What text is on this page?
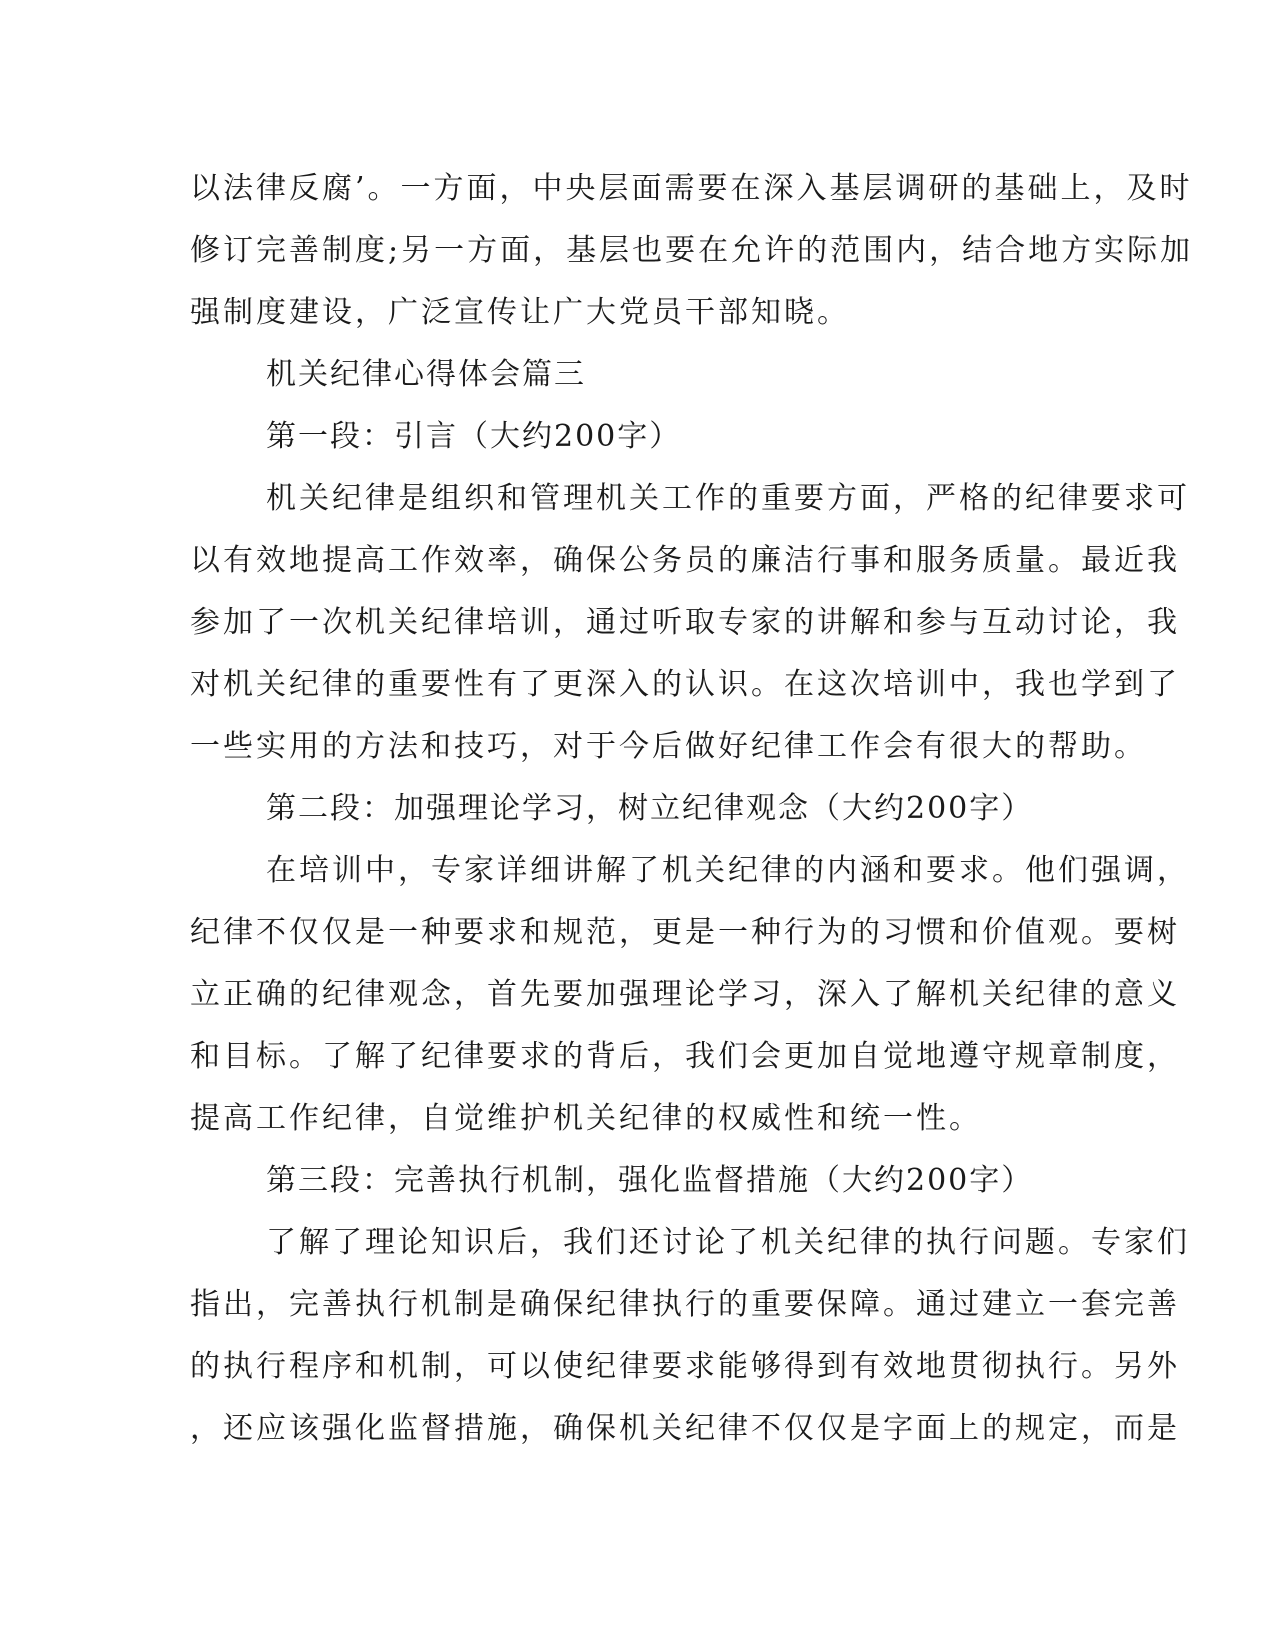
以法律反腐’。一方面，中央层面需要在深入基层调研的基础上，及时
修订完善制度;另一方面，基层也要在允许的范围内，结合地方实际加
强制度建设，广泛宣传让广大党员干部知晓。
机关纪律心得体会篇三
第一段：引言（大约200字）
机关纪律是组织和管理机关工作的重要方面，严格的纪律要求可
以有效地提高工作效率，确保公务员的廉洁行事和服务质量。最近我
参加了一次机关纪律培训，通过听取专家的讲解和参与互动讨论，我
对机关纪律的重要性有了更深入的认识。在这次培训中，我也学到了
一些实用的方法和技巧，对于今后做好纪律工作会有很大的帮助。
第二段：加强理论学习，树立纪律观念（大约200字）
在培训中，专家详细讲解了机关纪律的内涵和要求。他们强调，
纪律不仅仅是一种要求和规范，更是一种行为的习惯和价值观。要树
立正确的纪律观念，首先要加强理论学习，深入了解机关纪律的意义
和目标。了解了纪律要求的背后，我们会更加自觉地遵守规章制度，
提高工作纪律，自觉维护机关纪律的权威性和统一性。
第三段：完善执行机制，强化监督措施（大约200字）
了解了理论知识后，我们还讨论了机关纪律的执行问题。专家们
指出，完善执行机制是确保纪律执行的重要保障。通过建立一套完善
的执行程序和机制，可以使纪律要求能够得到有效地贯彻执行。另外
，还应该强化监督措施，确保机关纪律不仅仅是字面上的规定，而是
